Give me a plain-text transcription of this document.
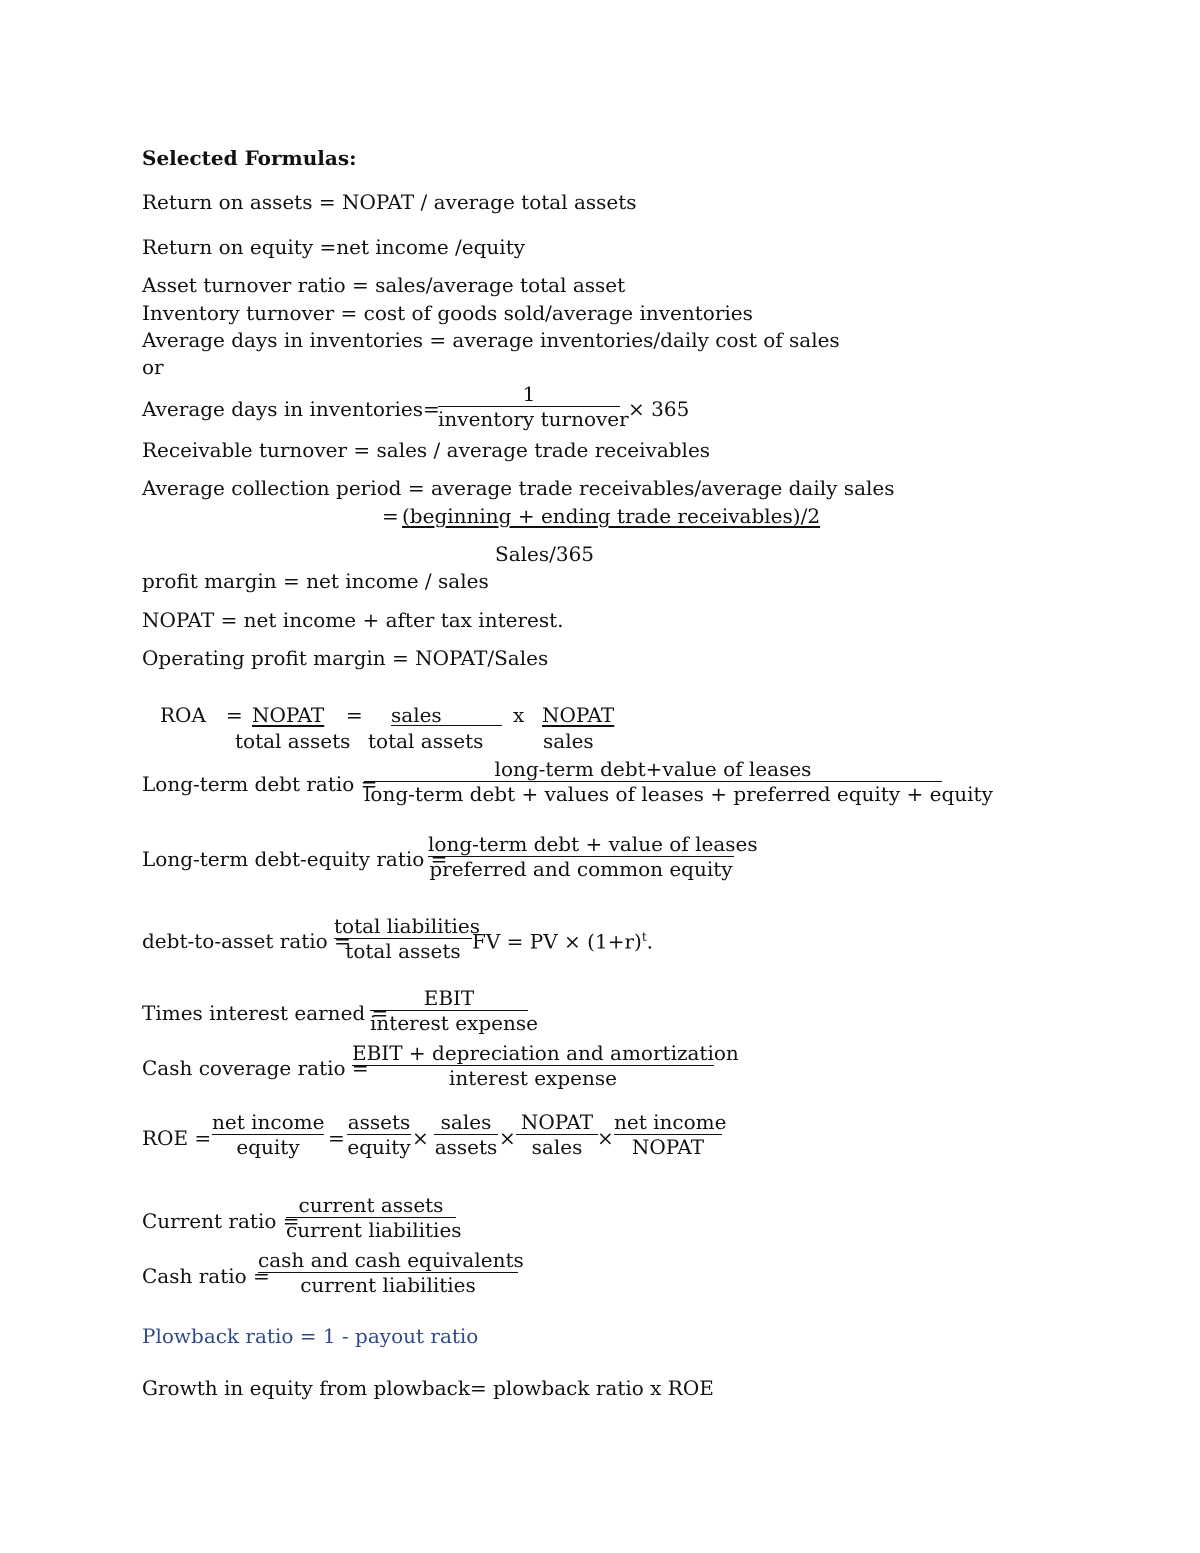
Selected Formulas:
Return on assets = NOPAT / average total assets
Return on equity =net income /equity
Asset turnover ratio = sales/average total asset
Inventory turnover = cost of goods sold/average inventories
Average days in inventories = average inventories/daily cost of sales
or
Average days in inventories=
1
inventory turnover × 365
Receivable turnover = sales / average trade receivables
Average collection period = average trade receivables/average daily sales
= (beginning + ending trade receivables)/2
Sales/365
profit margin = net income / sales
NOPAT = net income + after tax interest.
Operating profit margin = NOPAT/Sales
ROA = NOPAT
total assets
= sales
total assets
x NOPAT
sales
Long-term debt ratio =
long-term debt+value of leases
long-term debt + values of leases + preferred equity + equity
Long-term debt-equity ratio =
long-term debt + value of leases
preferred and common equity
debt-to-asset ratio =
total liabilities
total assets FV = PV × $(1+r)^t$.
Times interest earned =
EBIT
interest expense
Cash coverage ratio =
EBIT + depreciation and amortization
interest expense
ROE =
net income
equity	=
assets
equity ×
sales
assets ×
NOPAT
sales ×
net income
NOPAT
Current ratio =
current assets
current liabilities
Cash ratio =
cash and cash equivalents
current liabilities
Plowback ratio = 1 - payout ratio
Growth in equity from plowback= plowback ratio x ROE
